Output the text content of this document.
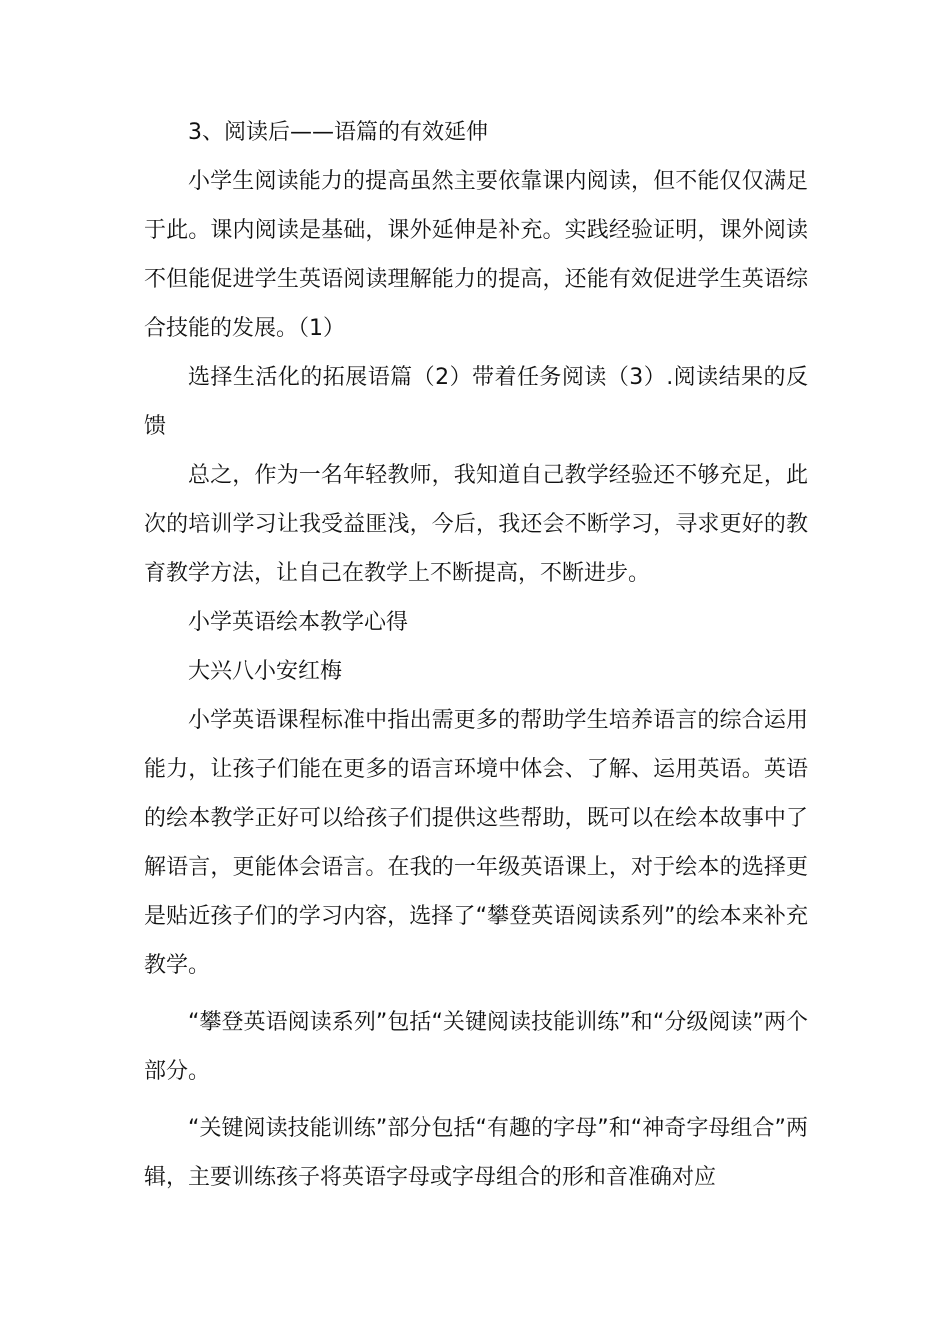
3、阅读后——语篇的有效延伸

小学生阅读能力的提高虽然主要依靠课内阅读，但不能仅仅满足于此。课内阅读是基础，课外延伸是补充。实践经验证明，课外阅读不但能促进学生英语阅读理解能力的提高，还能有效促进学生英语综合技能的发展。（1）

选择生活化的拓展语篇（2）带着任务阅读（3）.阅读结果的反馈

总之，作为一名年轻教师，我知道自己教学经验还不够充足，此次的培训学习让我受益匪浅，今后，我还会不断学习，寻求更好的教育教学方法，让自己在教学上不断提高，不断进步。

小学英语绘本教学心得

大兴八小安红梅

小学英语课程标准中指出需更多的帮助学生培养语言的综合运用能力，让孩子们能在更多的语言环境中体会、了解、运用英语。英语的绘本教学正好可以给孩子们提供这些帮助，既可以在绘本故事中了解语言，更能体会语言。在我的一年级英语课上，对于绘本的选择更是贴近孩子们的学习内容，选择了“攀登英语阅读系列”的绘本来补充教学。

“攀登英语阅读系列”包括“关键阅读技能训练”和“分级阅读”两个部分。

“关键阅读技能训练”部分包括“有趣的字母”和“神奇字母组合”两辑，主要训练孩子将英语字母或字母组合的形和音准确对应
